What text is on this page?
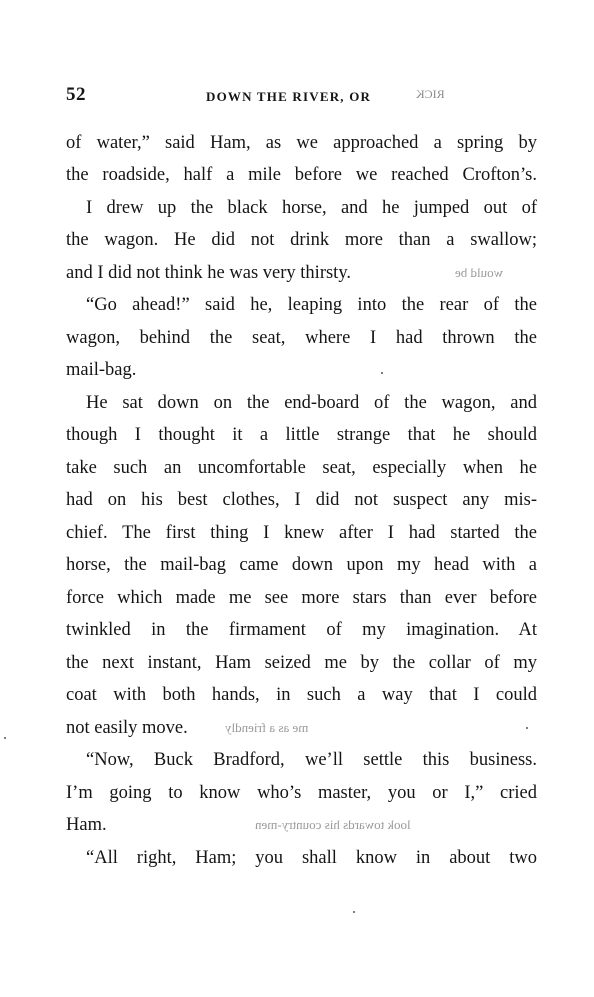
52	DOWN THE RIVER, OR	RICK
of water,” said Ham, as we approached a spring by
the roadside, half a mile before we reached Crofton’s.
I drew up the black horse, and he jumped out of
the wagon. He did not drink more than a swallow;
and I did not think he was very thirsty.	would be
“Go ahead!” said he, leaping into the rear of the
wagon, behind the seat, where I had thrown the
mail-bag.
He sat down on the end-board of the wagon, and
though I thought it a little strange that he should
take such an uncomfortable seat, especially when he
had on his best clothes, I did not suspect any mis-
chief. The first thing I knew after I had started the
horse, the mail-bag came down upon my head with a
force which made me see more stars than ever before
twinkled in the firmament of my imagination. At
the next instant, Ham seized me by the collar of my
coat with both hands, in such a way that I could
not easily move.	me as a friendly
“Now, Buck Bradford, we’ll settle this business.
I’m going to know who’s master, you or I,” cried
Ham.	look towards his country-men
“All right, Ham; you shall know in about two
